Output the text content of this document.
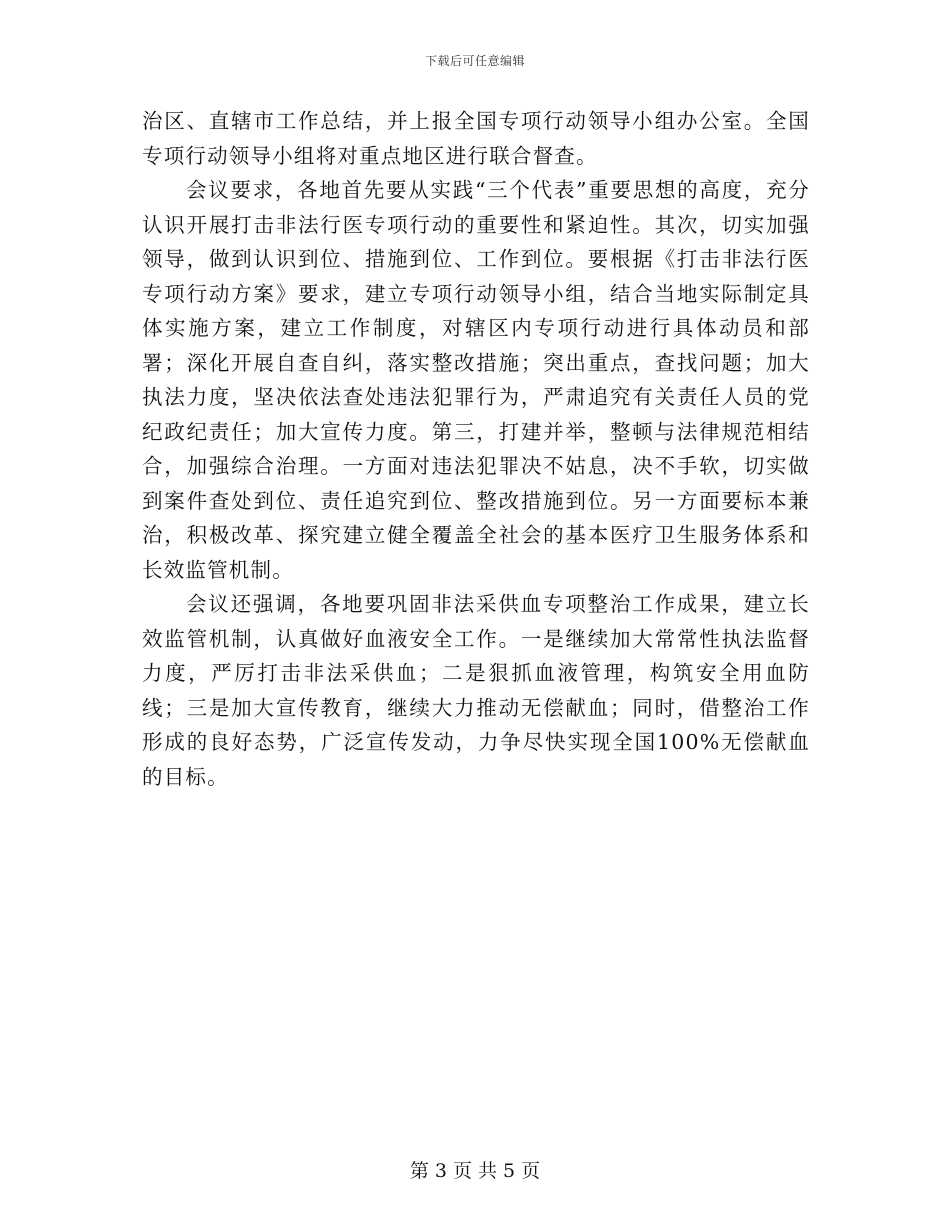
下载后可任意编辑

治区、直辖市工作总结，并上报全国专项行动领导小组办公室。全国专项行动领导小组将对重点地区进行联合督查。

会议要求，各地首先要从实践“三个代表”重要思想的高度，充分认识开展打击非法行医专项行动的重要性和紧迫性。其次，切实加强领导，做到认识到位、措施到位、工作到位。要根据《打击非法行医专项行动方案》要求，建立专项行动领导小组，结合当地实际制定具体实施方案，建立工作制度，对辖区内专项行动进行具体动员和部署；深化开展自查自纠，落实整改措施；突出重点，查找问题；加大执法力度，坚决依法查处违法犯罪行为，严肃追究有关责任人员的党纪政纪责任；加大宣传力度。第三，打建并举，整顿与法律规范相结合，加强综合治理。一方面对违法犯罪决不姑息，决不手软，切实做到案件查处到位、责任追究到位、整改措施到位。另一方面要标本兼治，积极改革、探究建立健全覆盖全社会的基本医疗卫生服务体系和长效监管机制。

会议还强调，各地要巩固非法采供血专项整治工作成果，建立长效监管机制，认真做好血液安全工作。一是继续加大常常性执法监督力度，严厉打击非法采供血；二是狠抓血液管理，构筑安全用血防线；三是加大宣传教育，继续大力推动无偿献血；同时，借整治工作形成的良好态势，广泛宣传发动，力争尽快实现全国100%无偿献血的目标。

第 3 页 共 5 页
